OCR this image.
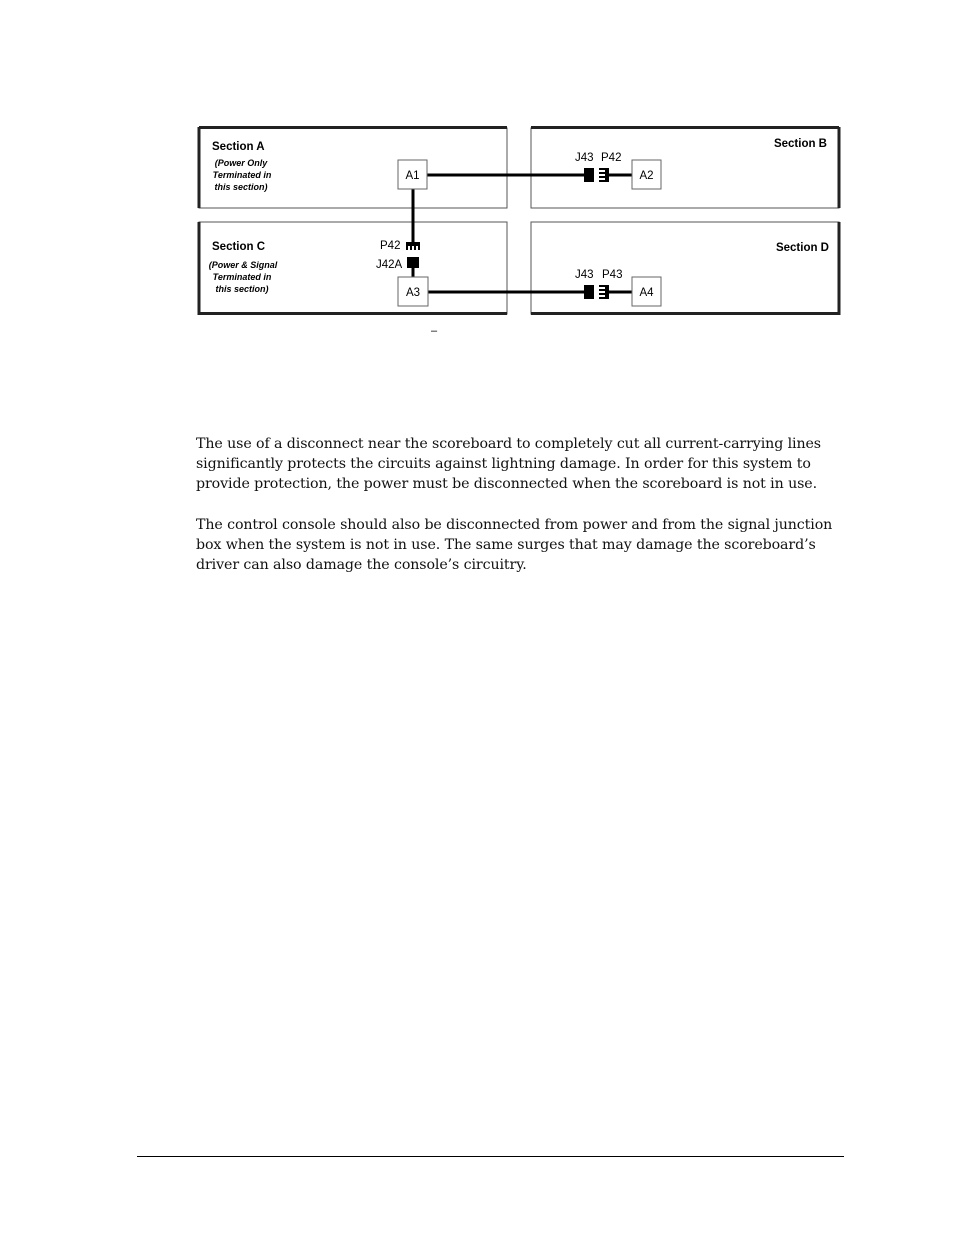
Section A	Section B
Section C	Section D
(Power Only
Terminated in
this section)
(Power & Signal
Terminated in
this section)
J43 P42
P42
J42A
J43 P43
A1	A2
A3	A4
–

The use of a disconnect near the scoreboard to completely cut all current-carrying lines significantly protects the circuits against lightning damage. In order for this system to provide protection, the power must be disconnected when the scoreboard is not in use.

The control console should also be disconnected from power and from the signal junction box when the system is not in use. The same surges that may damage the scoreboard’s driver can also damage the console’s circuitry.
